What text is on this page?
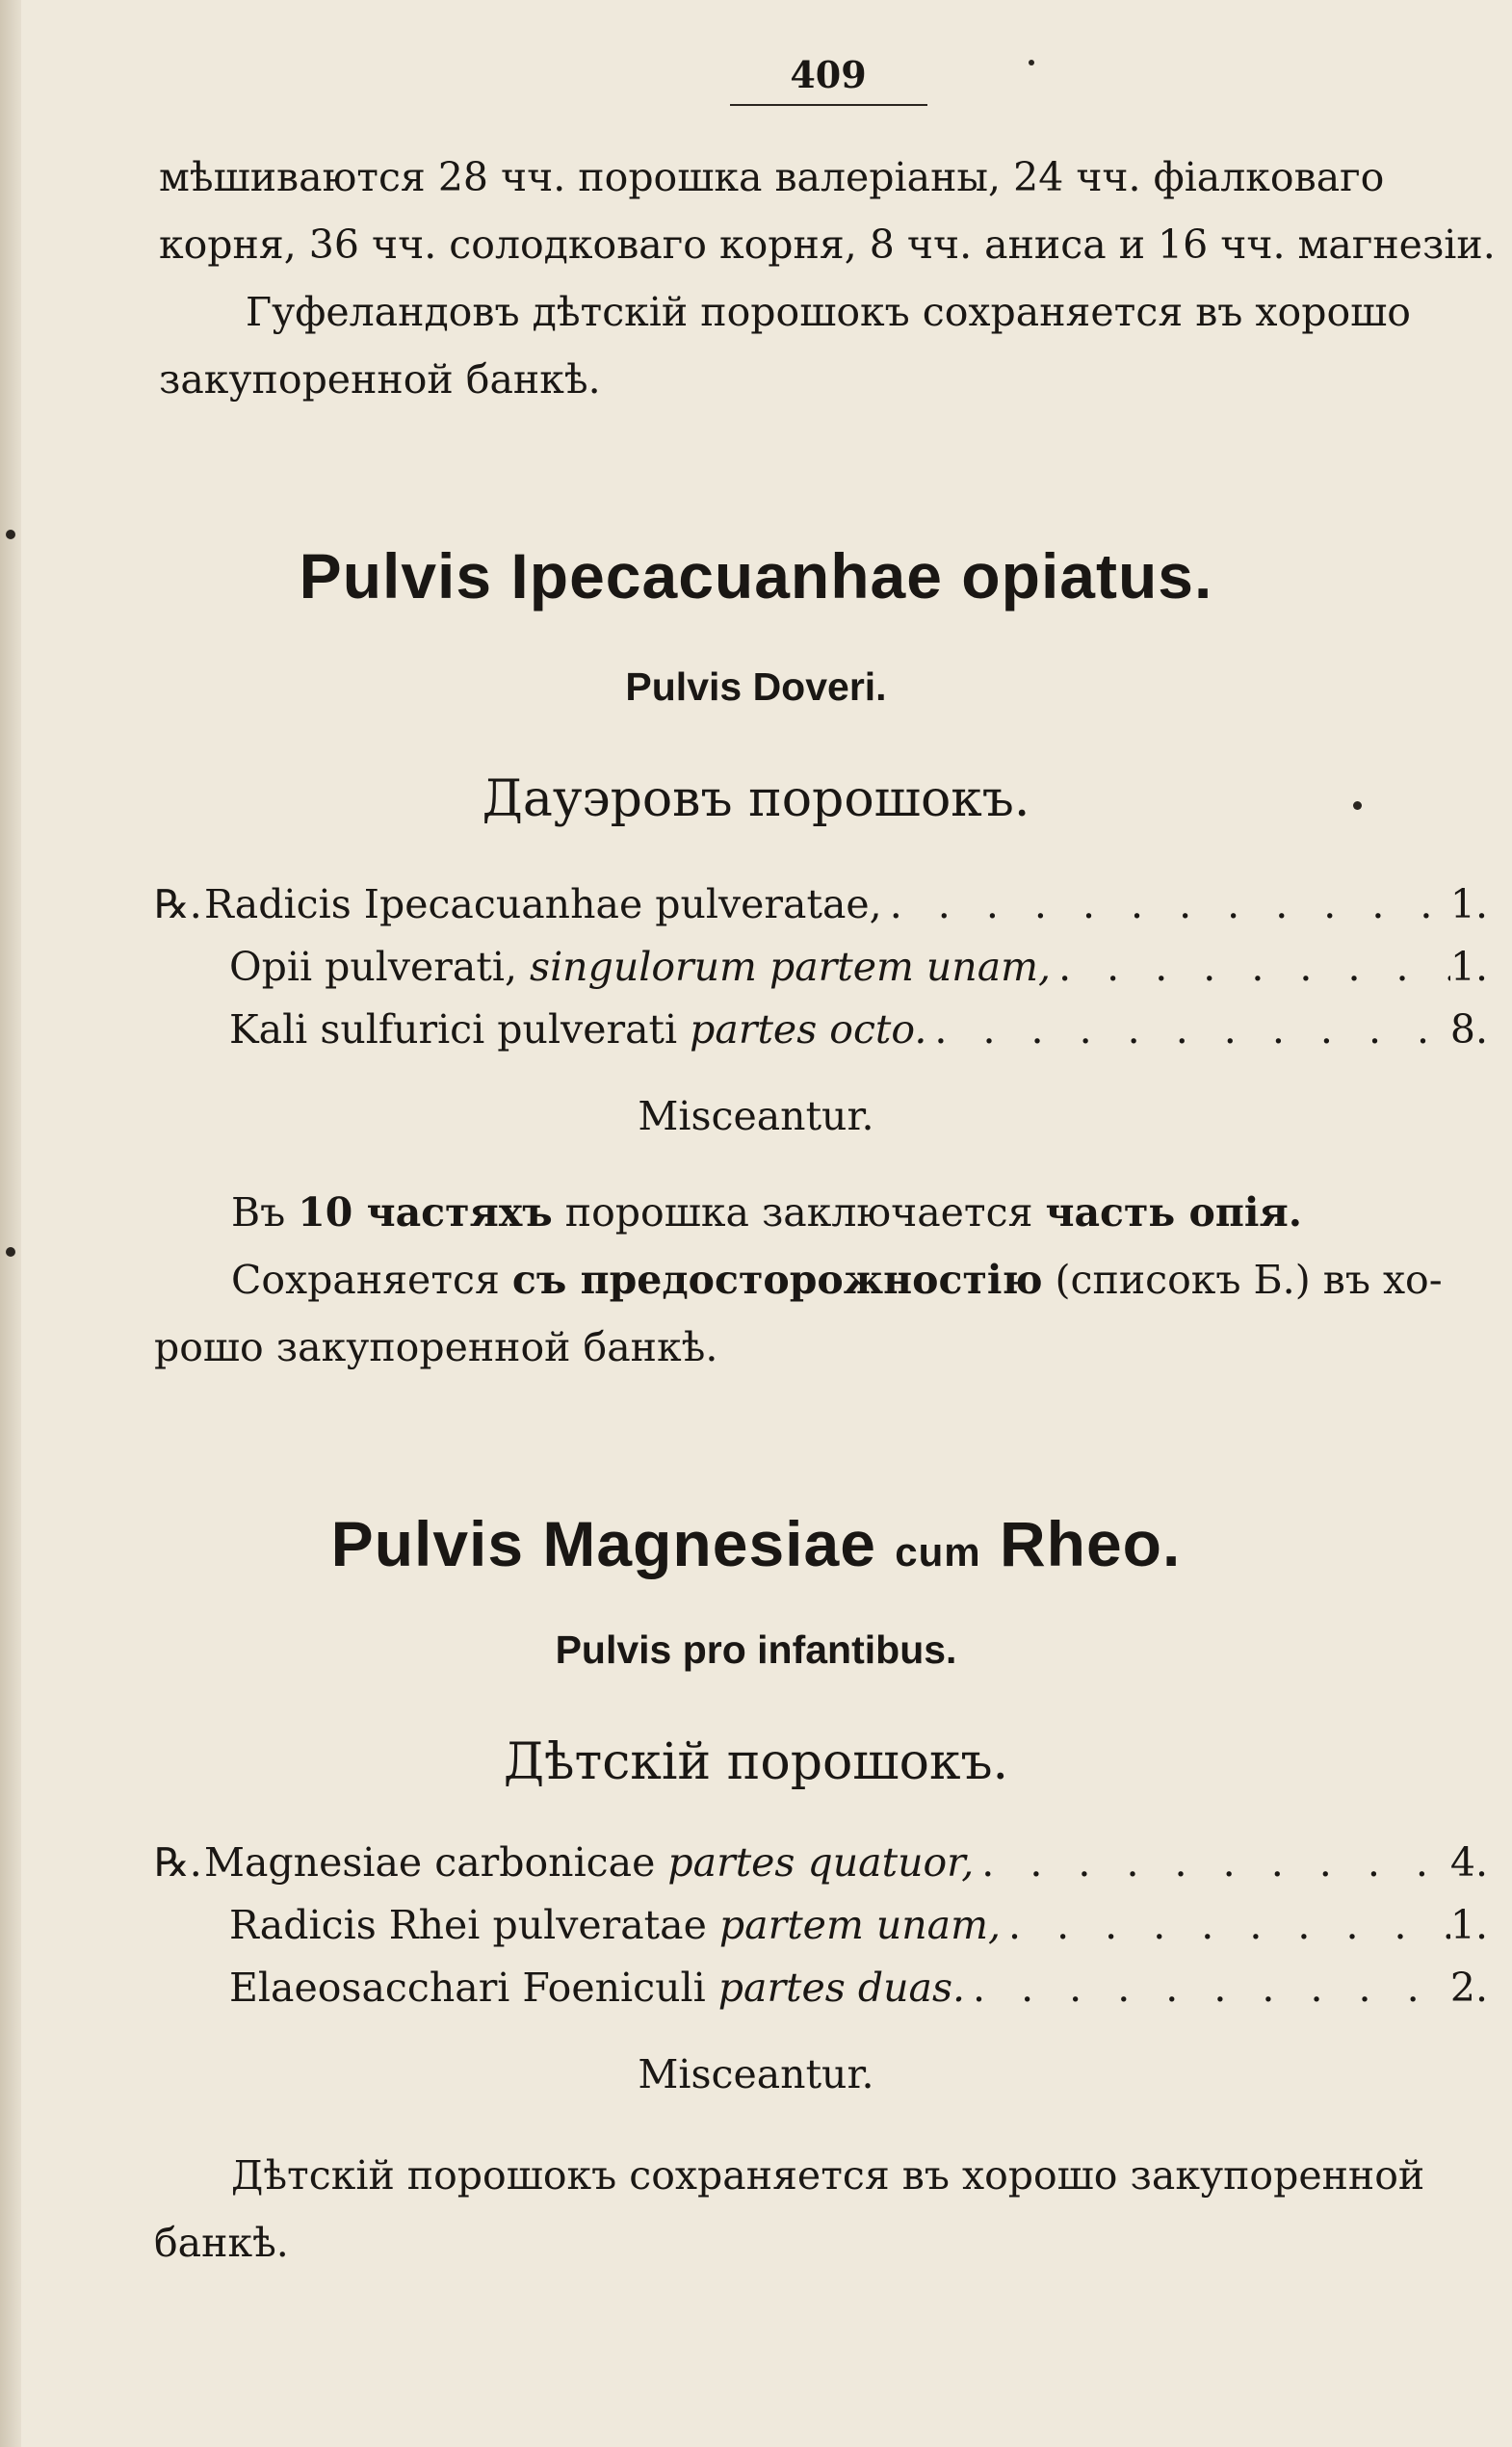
409
мѣшиваются 28 чч. порошка валеріаны, 24 чч. фіалковаго
корня, 36 чч. солодковаго корня, 8 чч. аниса и 16 чч. магнезіи.
Гуфеландовъ дѣтскій порошокъ сохраняется въ хорошо
закупоренной банкѣ.
Pulvis Ipecacuanhae opiatus.
Pulvis Doveri.
Дауэровъ порошокъ.
℞.Radicis Ipecacuanhae pulveratae, . . .	1.
Opii pulverati, singulorum partem unam, . . .	1.
Kali sulfurici pulverati partes octo. . . .	8.
Misceantur.
Въ 10 частяхъ порошка заключается часть опія.
Сохраняется съ предосторожностію (списокъ Б.) въ хо-
рошо закупоренной банкѣ.
Pulvis Magnesiae cum Rheo.
Pulvis pro infantibus.
Дѣтскій порошокъ.
℞.Magnesiae carbonicae partes quatuor, . . .	4.
Radicis Rhei pulveratae partem unam, . . .	1.
Elaeosacchari Foeniculi partes duas. . . .	2.
Misceantur.
Дѣтскій порошокъ сохраняется въ хорошо закупоренной
банкѣ.
